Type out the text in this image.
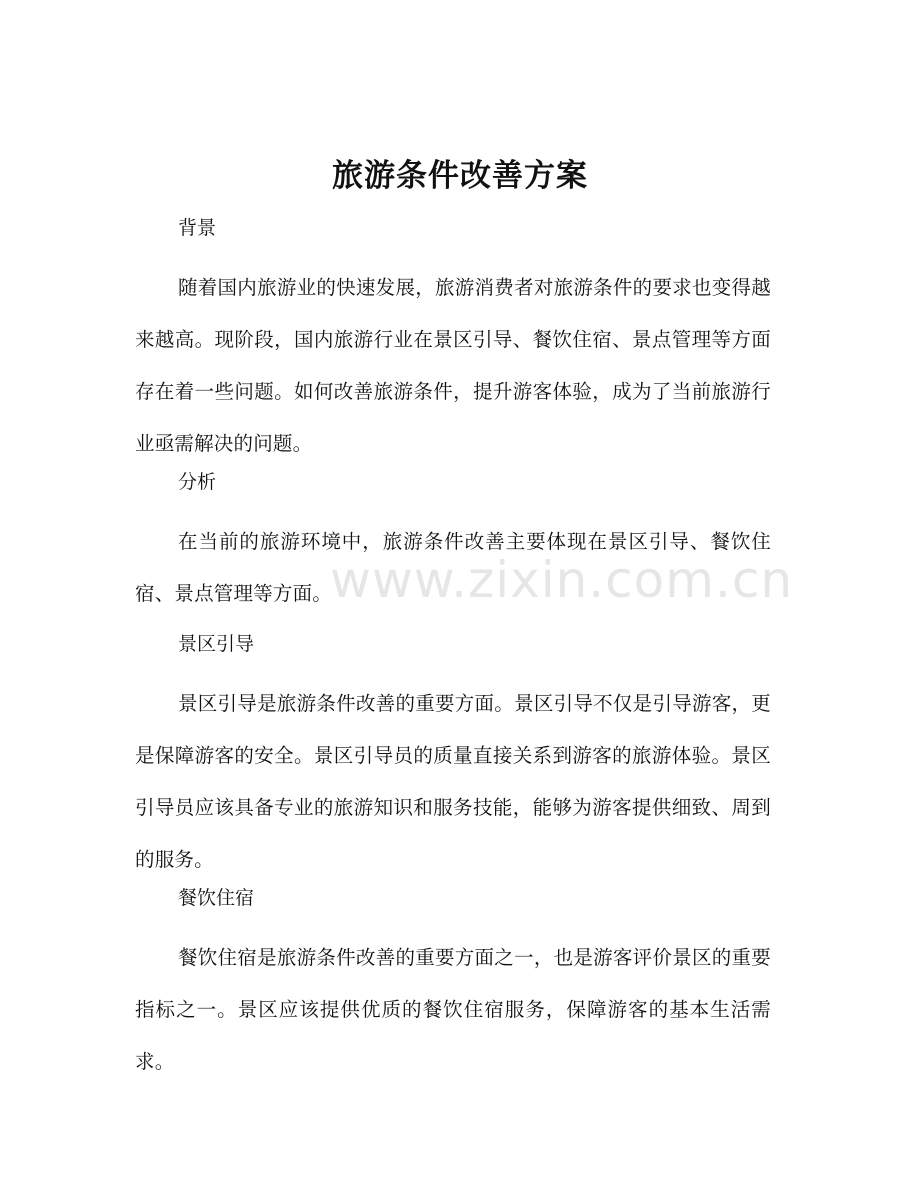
旅游条件改善方案
背景

随着国内旅游业的快速发展，旅游消费者对旅游条件的要求也变得越来越高。现阶段，国内旅游行业在景区引导、餐饮住宿、景点管理等方面存在着一些问题。如何改善旅游条件，提升游客体验，成为了当前旅游行业亟需解决的问题。

分析

在当前的旅游环境中，旅游条件改善主要体现在景区引导、餐饮住宿、景点管理等方面。

景区引导

景区引导是旅游条件改善的重要方面。景区引导不仅是引导游客，更是保障游客的安全。景区引导员的质量直接关系到游客的旅游体验。景区引导员应该具备专业的旅游知识和服务技能，能够为游客提供细致、周到的服务。

餐饮住宿

餐饮住宿是旅游条件改善的重要方面之一，也是游客评价景区的重要指标之一。景区应该提供优质的餐饮住宿服务，保障游客的基本生活需求。

www.zixin.com.cn
